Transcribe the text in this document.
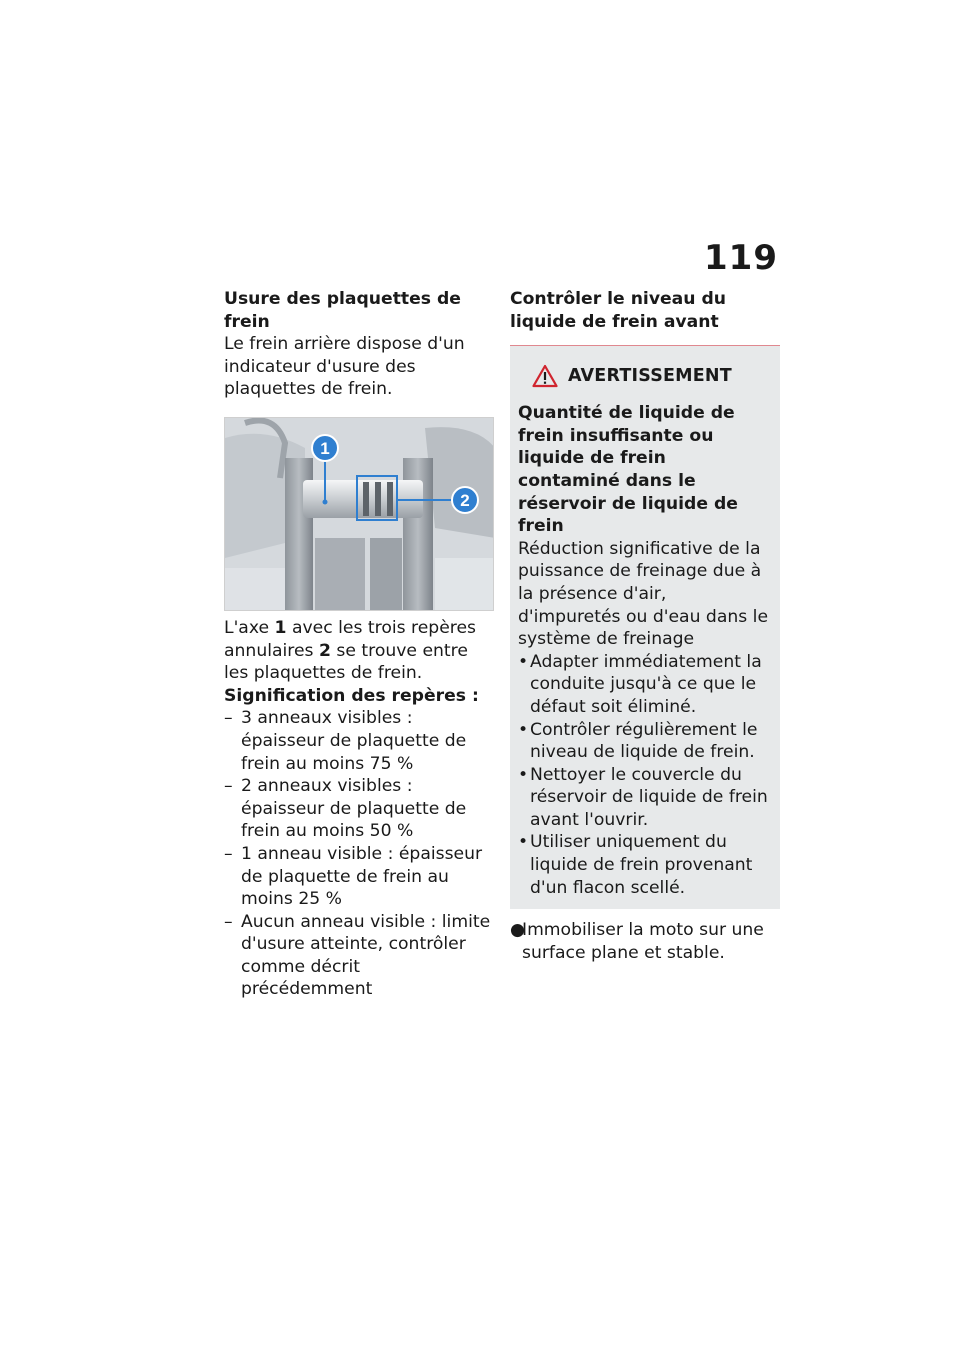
119
Usure des plaquettes de frein

Le frein arrière dispose d'un indicateur d'usure des plaquettes de frein.

1
2

L'axe 1 avec les trois repères annulaires 2 se trouve entre les plaquettes de frein.

Signification des repères :
– 3 anneaux visibles : épaisseur de plaquette de frein au moins 75 %
– 2 anneaux visibles : épaisseur de plaquette de frein au moins 50 %
– 1 anneau visible : épaisseur de plaquette de frein au moins 25 %
– Aucun anneau visible : limite d'usure atteinte, contrôler comme décrit précédemment
Contrôler le niveau du liquide de frein avant
AVERTISSEMENT

Quantité de liquide de frein insuffisante ou liquide de frein contaminé dans le réservoir de liquide de frein

Réduction significative de la puissance de freinage due à la présence d'air, d'impuretés ou d'eau dans le système de freinage

• Adapter immédiatement la conduite jusqu'à ce que le défaut soit éliminé.
• Contrôler régulièrement le niveau de liquide de frein.
• Nettoyer le couvercle du réservoir de liquide de frein avant l'ouvrir.
• Utiliser uniquement du liquide de frein provenant d'un flacon scellé.
●
Immobiliser la moto sur une surface plane et stable.
